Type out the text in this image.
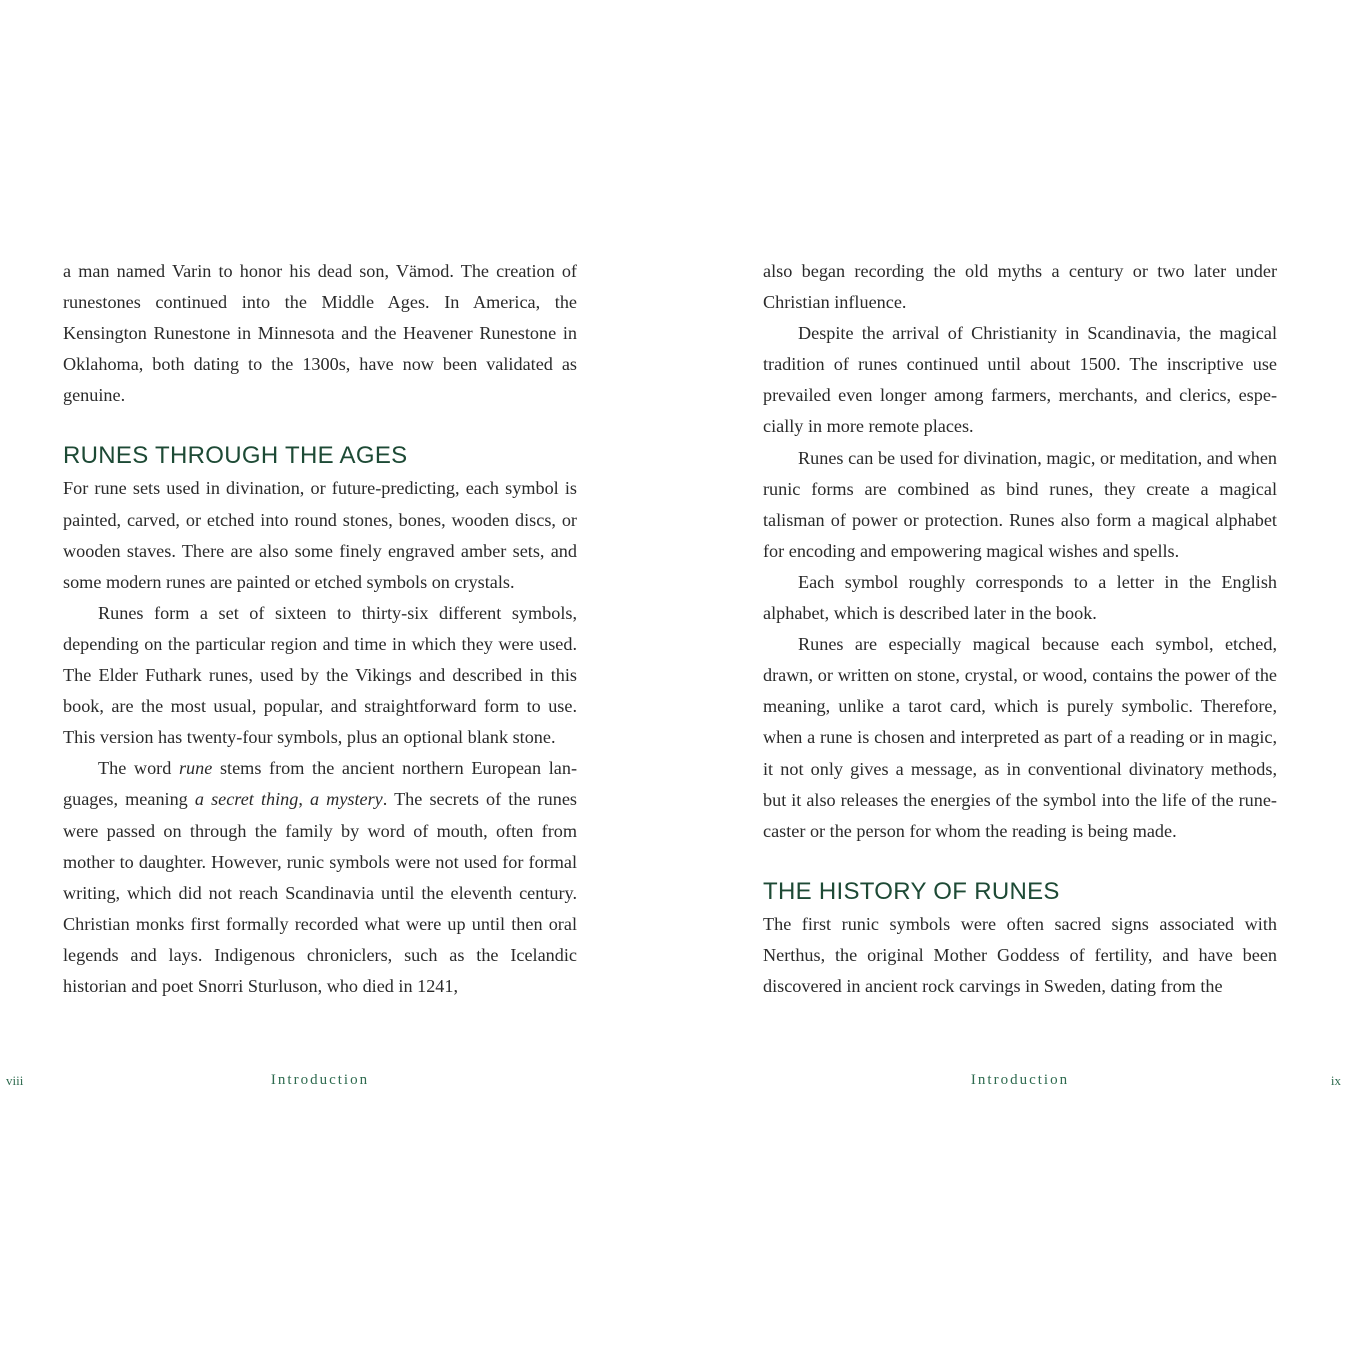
a man named Varin to honor his dead son, Vämod. The creation of runestones continued into the Middle Ages. In America, the Kensington Runestone in Minnesota and the Heavener Runestone in Oklahoma, both dating to the 1300s, have now been validated as genuine.

RUNES THROUGH THE AGES

For rune sets used in divination, or future-predicting, each symbol is painted, carved, or etched into round stones, bones, wooden discs, or wooden staves. There are also some finely engraved amber sets, and some modern runes are painted or etched symbols on crystals.

Runes form a set of sixteen to thirty-six different symbols, depending on the particular region and time in which they were used. The Elder Futhark runes, used by the Vikings and described in this book, are the most usual, popular, and straightforward form to use. This version has twenty-four symbols, plus an optional blank stone.

The word rune stems from the ancient northern European languages, meaning a secret thing, a mystery. The secrets of the runes were passed on through the family by word of mouth, often from mother to daughter. However, runic symbols were not used for formal writing, which did not reach Scandinavia until the eleventh century. Christian monks first formally recorded what were up until then oral legends and lays. Indigenous chroniclers, such as the Icelandic historian and poet Snorri Sturluson, who died in 1241,

viii	Introduction

also began recording the old myths a century or two later under Christian influence.

Despite the arrival of Christianity in Scandinavia, the magical tradition of runes continued until about 1500. The inscriptive use prevailed even longer among farmers, merchants, and clerics, especially in more remote places.

Runes can be used for divination, magic, or meditation, and when runic forms are combined as bind runes, they create a magical talisman of power or protection. Runes also form a magical alphabet for encoding and empowering magical wishes and spells.

Each symbol roughly corresponds to a letter in the English alphabet, which is described later in the book.

Runes are especially magical because each symbol, etched, drawn, or written on stone, crystal, or wood, contains the power of the meaning, unlike a tarot card, which is purely symbolic. Therefore, when a rune is chosen and interpreted as part of a reading or in magic, it not only gives a message, as in conventional divinatory methods, but it also releases the energies of the symbol into the life of the rune-caster or the person for whom the reading is being made.

THE HISTORY OF RUNES

The first runic symbols were often sacred signs associated with Nerthus, the original Mother Goddess of fertility, and have been discovered in ancient rock carvings in Sweden, dating from the

Introduction	ix
